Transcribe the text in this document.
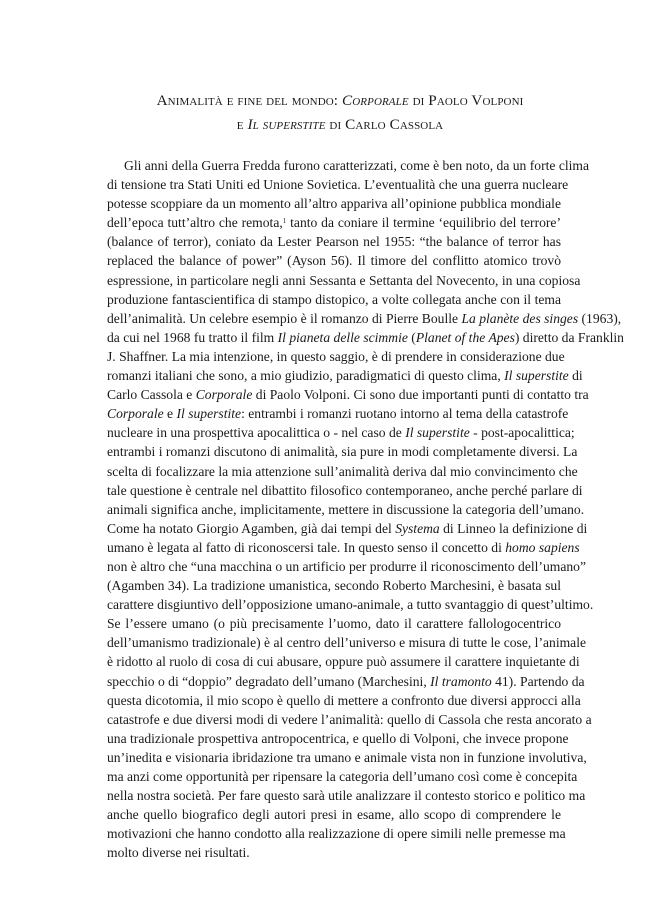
Animalità e fine del mondo: Corporale di Paolo Volponi
e Il superstite di Carlo Cassola
Gli anni della Guerra Fredda furono caratterizzati, come è ben noto, da un forte clima
di tensione tra Stati Uniti ed Unione Sovietica. L’eventualità che una guerra nucleare
potesse scoppiare da un momento all’altro appariva all’opinione pubblica mondiale
dell’epoca tutt’altro che remota,$^1$ tanto da coniare il termine ‘equilibrio del terrore’
(balance of terror), coniato da Lester Pearson nel 1955: “the balance of terror has
replaced the balance of power” (Ayson 56). Il timore del conflitto atomico trovò
espressione, in particolare negli anni Sessanta e Settanta del Novecento, in una copiosa
produzione fantascientifica di stampo distopico, a volte collegata anche con il tema
dell’animalità. Un celebre esempio è il romanzo di Pierre Boulle La planète des singes (1963),
da cui nel 1968 fu tratto il film Il pianeta delle scimmie (Planet of the Apes) diretto da Franklin
J. Shaffner. La mia intenzione, in questo saggio, è di prendere in considerazione due
romanzi italiani che sono, a mio giudizio, paradigmatici di questo clima, Il superstite di
Carlo Cassola e Corporale di Paolo Volponi. Ci sono due importanti punti di contatto tra
Corporale e Il superstite: entrambi i romanzi ruotano intorno al tema della catastrofe
nucleare in una prospettiva apocalittica o - nel caso de Il superstite - post-apocalittica;
entrambi i romanzi discutono di animalità, sia pure in modi completamente diversi. La
scelta di focalizzare la mia attenzione sull’animalità deriva dal mio convincimento che
tale questione è centrale nel dibattito filosofico contemporaneo, anche perché parlare di
animali significa anche, implicitamente, mettere in discussione la categoria dell’umano.
Come ha notato Giorgio Agamben, già dai tempi del Systema di Linneo la definizione di
umano è legata al fatto di riconoscersi tale. In questo senso il concetto di homo sapiens
non è altro che “una macchina o un artificio per produrre il riconoscimento dell’umano”
(Agamben 34). La tradizione umanistica, secondo Roberto Marchesini, è basata sul
carattere disgiuntivo dell’opposizione umano-animale, a tutto svantaggio di quest’ultimo.
Se l’essere umano (o più precisamente l’uomo, dato il carattere fallologocentrico
dell’umanismo tradizionale) è al centro dell’universo e misura di tutte le cose, l’animale
è ridotto al ruolo di cosa di cui abusare, oppure può assumere il carattere inquietante di
specchio o di “doppio” degradato dell’umano (Marchesini, Il tramonto 41). Partendo da
questa dicotomia, il mio scopo è quello di mettere a confronto due diversi approcci alla
catastrofe e due diversi modi di vedere l’animalità: quello di Cassola che resta ancorato a
una tradizionale prospettiva antropocentrica, e quello di Volponi, che invece propone
un’inedita e visionaria ibridazione tra umano e animale vista non in funzione involutiva,
ma anzi come opportunità per ripensare la categoria dell’umano così come è concepita
nella nostra società. Per fare questo sarà utile analizzare il contesto storico e politico ma
anche quello biografico degli autori presi in esame, allo scopo di comprendere le
motivazioni che hanno condotto alla realizzazione di opere simili nelle premesse ma
molto diverse nei risultati.
